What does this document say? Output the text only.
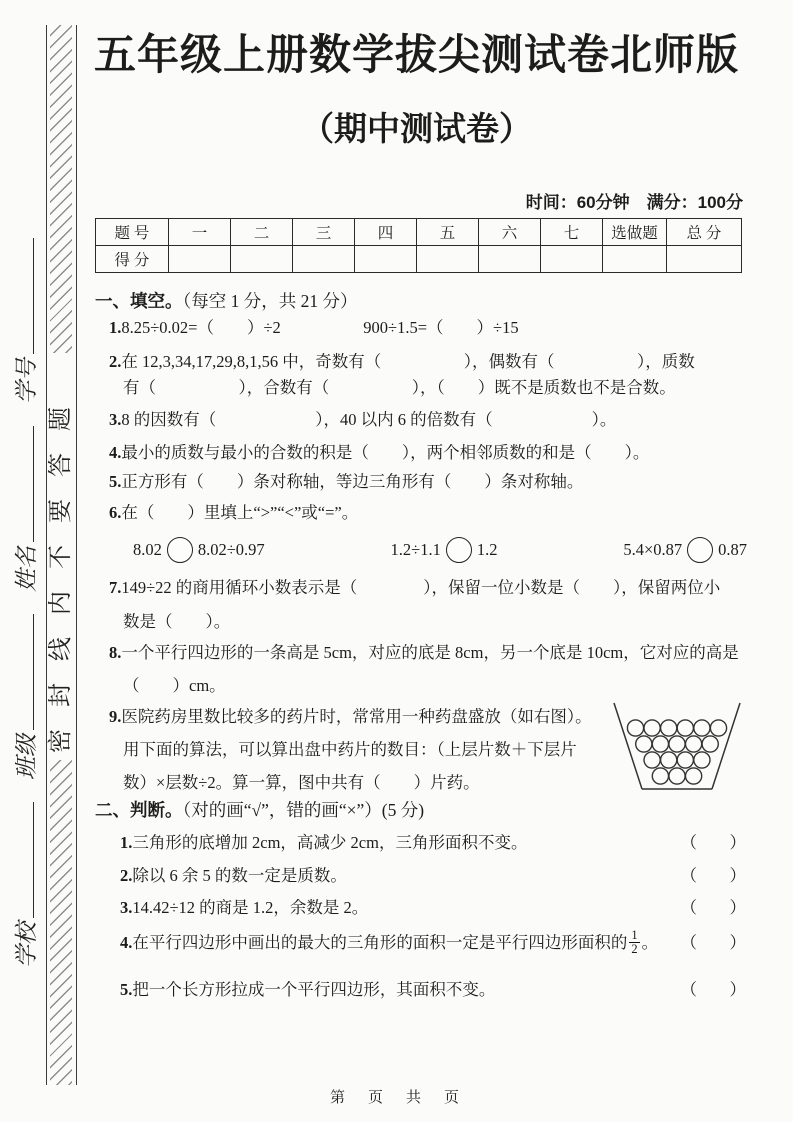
学校班级姓名学号
密封线内不要答题
五年级上册数学拔尖测试卷北师版
（期中测试卷）
时间：60分钟　满分：100分
题 号	一	二	三	四	五	六	七	选做题	总 分
得 分									
一、填空。（每空 1 分，共 21 分）
1.8.25÷0.02=（　　）÷2　　　　　900÷1.5=（　　）÷15
2.在 12,3,34,17,29,8,1,56 中，奇数有（　　　　　），偶数有（　　　　　），质数
有（　　　　　），合数有（　　　　　），（　　）既不是质数也不是合数。
3.8 的因数有（　　　　　　），40 以内 6 的倍数有（　　　　　　）。
4.最小的质数与最小的合数的积是（　　），两个相邻质数的和是（　　）。
5.正方形有（　　）条对称轴，等边三角形有（　　）条对称轴。
6.在（　　）里填上“>”“<”或“=”。
8.02 8.02÷0.97	1.2÷1.1 1.2	5.4×0.87 0.87
7.149÷22 的商用循环小数表示是（　　　　），保留一位小数是（　　），保留两位小
数是（　　）。
8.一个平行四边形的一条高是 5cm，对应的底是 8cm，另一个底是 10cm，它对应的高是
（　　）cm。
9.医院药房里数比较多的药片时，常常用一种药盘盛放（如右图）。
用下面的算法，可以算出盘中药片的数目：（上层片数＋下层片
数）×层数÷2。算一算，图中共有（　　）片药。
二、判断。（对的画“√”，错的画“×”）(5 分)
1. 三角形的底增加 2cm，高减少 2cm，三角形面积不变。	（　）
2. 除以 6 余 5 的数一定是质数。	（　）
3. 14.42÷12 的商是 1.2，余数是 2。	（　）
4. 在平行四边形中画出的最大的三角形的面积一定是平行四边形面积的 $\frac{1}{2}$ 。 （　）
5. 把一个长方形拉成一个平行四边形，其面积不变。	（　）
第　页　共　页
